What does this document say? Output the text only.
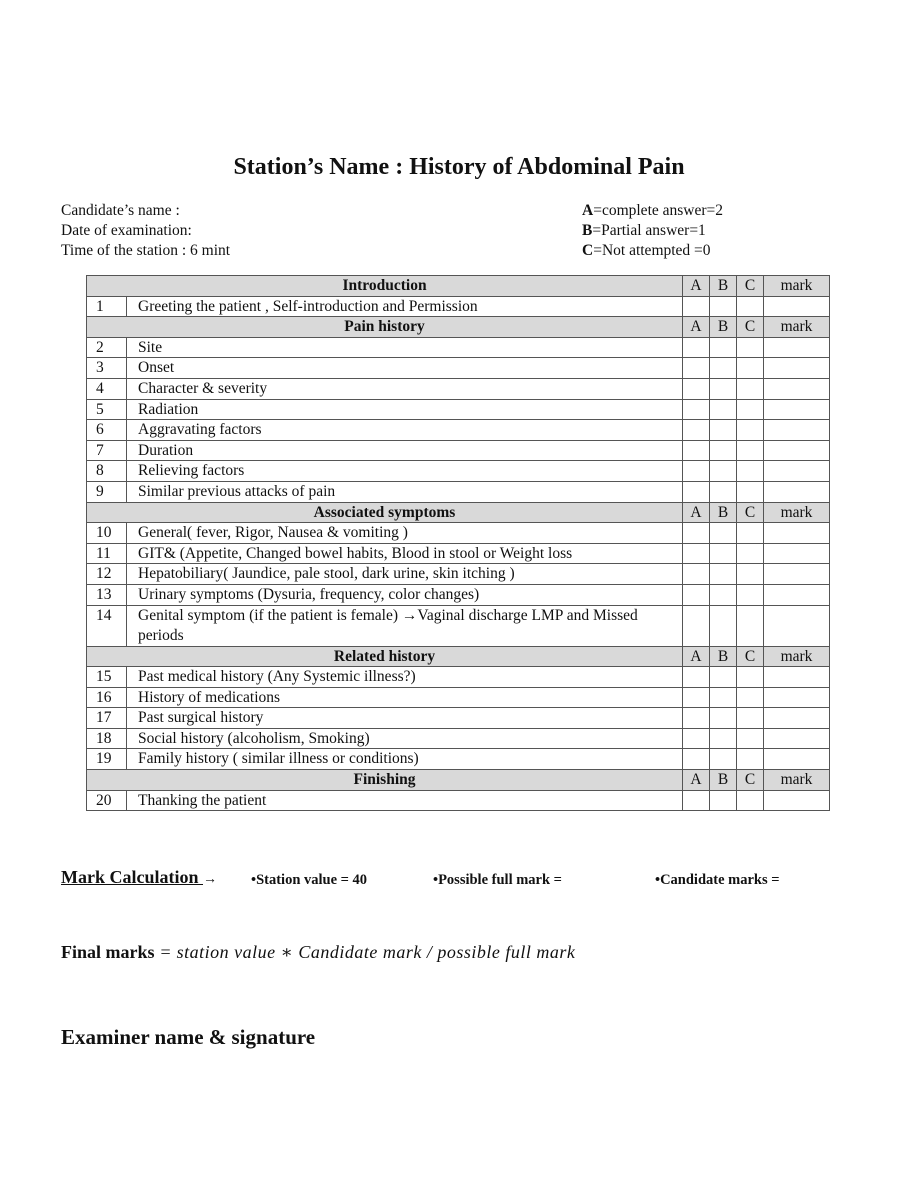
Station’s Name : History of Abdominal Pain
Candidate’s name :
Date of examination:
Time of the station : 6 mint
A=complete answer=2
B=Partial answer=1
C=Not attempted =0
Introduction		A	B	C	mark
1	Greeting the patient , Self-introduction and Permission				
Pain history		A	B	C	mark
2	Site				
3	Onset				
4	Character & severity				
5	Radiation				
6	Aggravating factors				
7	Duration				
8	Relieving factors				
9	Similar previous attacks of pain				
Associated symptoms		A	B	C	mark
10	General( fever, Rigor, Nausea & vomiting )				
11	GIT& (Appetite, Changed bowel habits, Blood in stool or Weight loss				
12	Hepatobiliary( Jaundice, pale stool, dark urine, skin itching )				
13	Urinary symptoms (Dysuria, frequency, color changes)				
14	Genital symptom (if the patient is female) →Vaginal discharge LMP and Missed periods				
Related history		A	B	C	mark
15	Past medical history (Any Systemic illness?)				
16	History of medications				
17	Past surgical history				
18	Social history (alcoholism, Smoking)				
19	Family history ( similar illness or conditions)				
Finishing		A	B	C	mark
20	Thanking the patient				
Mark Calculation → •Station value = 40	•Possible full mark =	•Candidate marks =
Final marks = station value ∗ Candidate mark / possible full mark
Examiner name & signature
